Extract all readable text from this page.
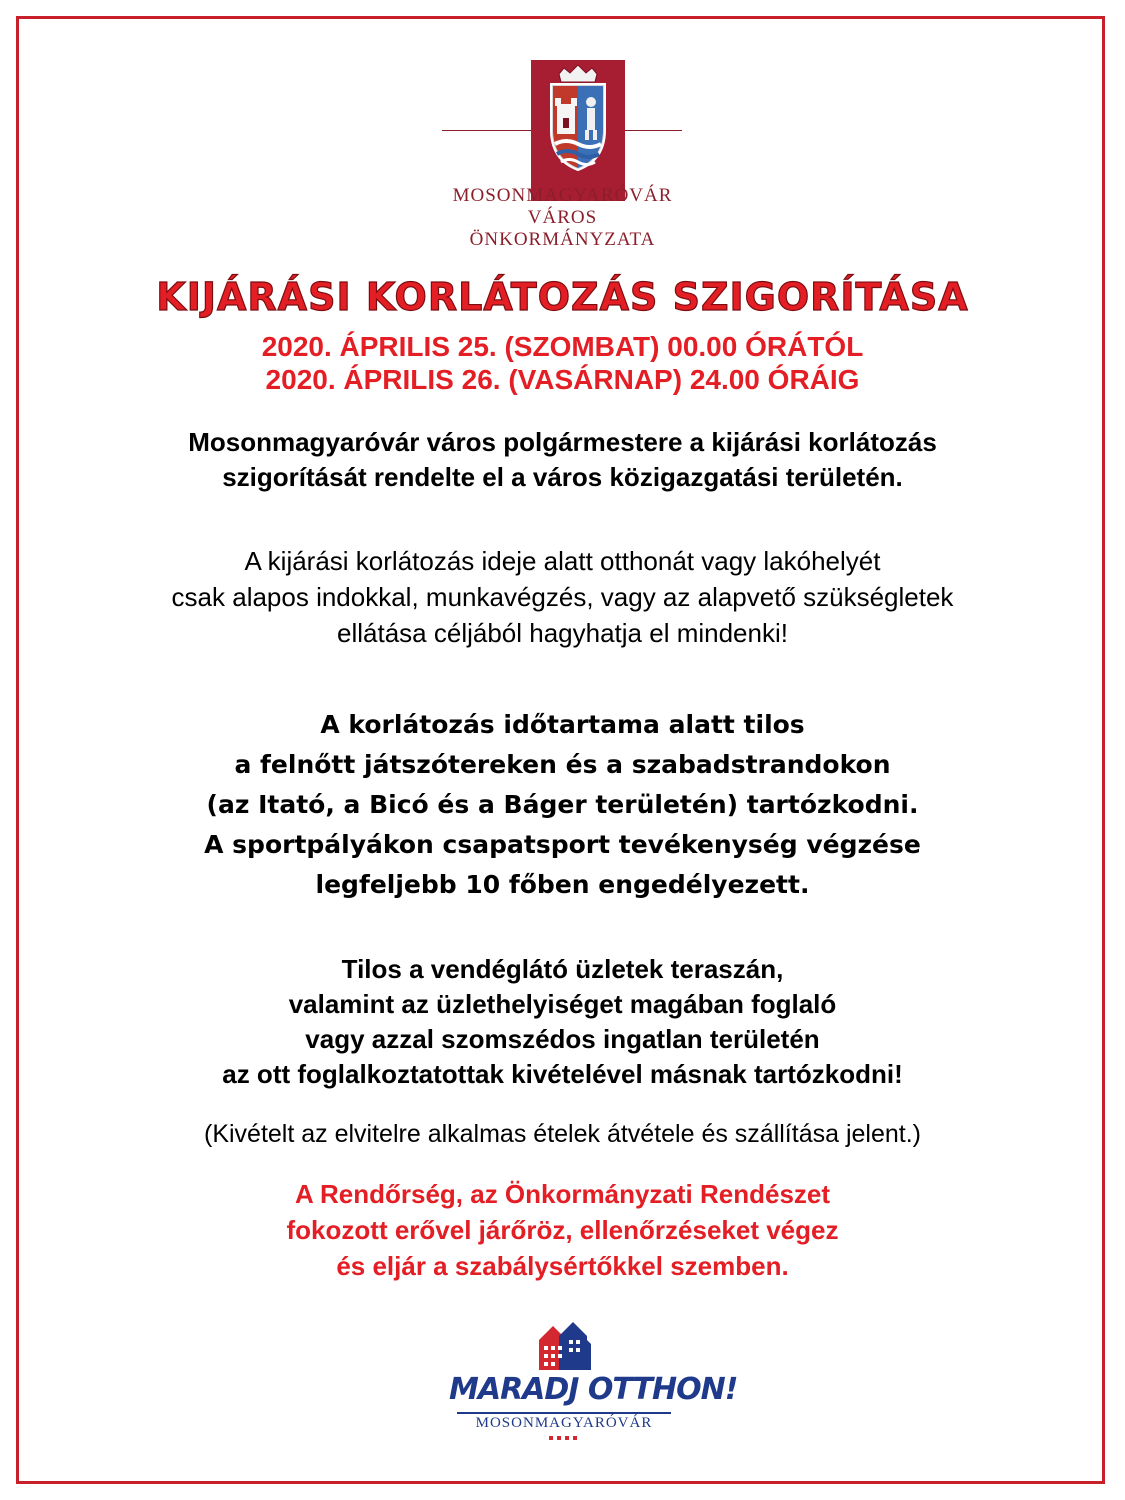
MOSONMAGYARÓVÁR
VÁROS
ÖNKORMÁNYZATA
KIJÁRÁSI KORLÁTOZÁS SZIGORÍTÁSA
2020. ÁPRILIS 25. (SZOMBAT) 00.00 ÓRÁTÓL
2020. ÁPRILIS 26. (VASÁRNAP) 24.00 ÓRÁIG
Mosonmagyaróvár város polgármestere a kijárási korlátozás
szigorítását rendelte el a város közigazgatási területén.
A kijárási korlátozás ideje alatt otthonát vagy lakóhelyét
csak alapos indokkal, munkavégzés, vagy az alapvető szükségletek
ellátása céljából hagyhatja el mindenki!
A korlátozás időtartama alatt tilos
a felnőtt játszótereken és a szabadstrandokon
(az Itató, a Bicó és a Báger területén) tartózkodni.
A sportpályákon csapatsport tevékenység végzése
legfeljebb 10 főben engedélyezett.
Tilos a vendéglátó üzletek teraszán,
valamint az üzlethelyiséget magában foglaló
vagy azzal szomszédos ingatlan területén
az ott foglalkoztatottak kivételével másnak tartózkodni!
(Kivételt az elvitelre alkalmas ételek átvétele és szállítása jelent.)
A Rendőrség, az Önkormányzati Rendészet
fokozott erővel járőröz, ellenőrzéseket végez
és eljár a szabálysértőkkel szemben.
MARADJ OTTHON!
MOSONMAGYARÓVÁR
